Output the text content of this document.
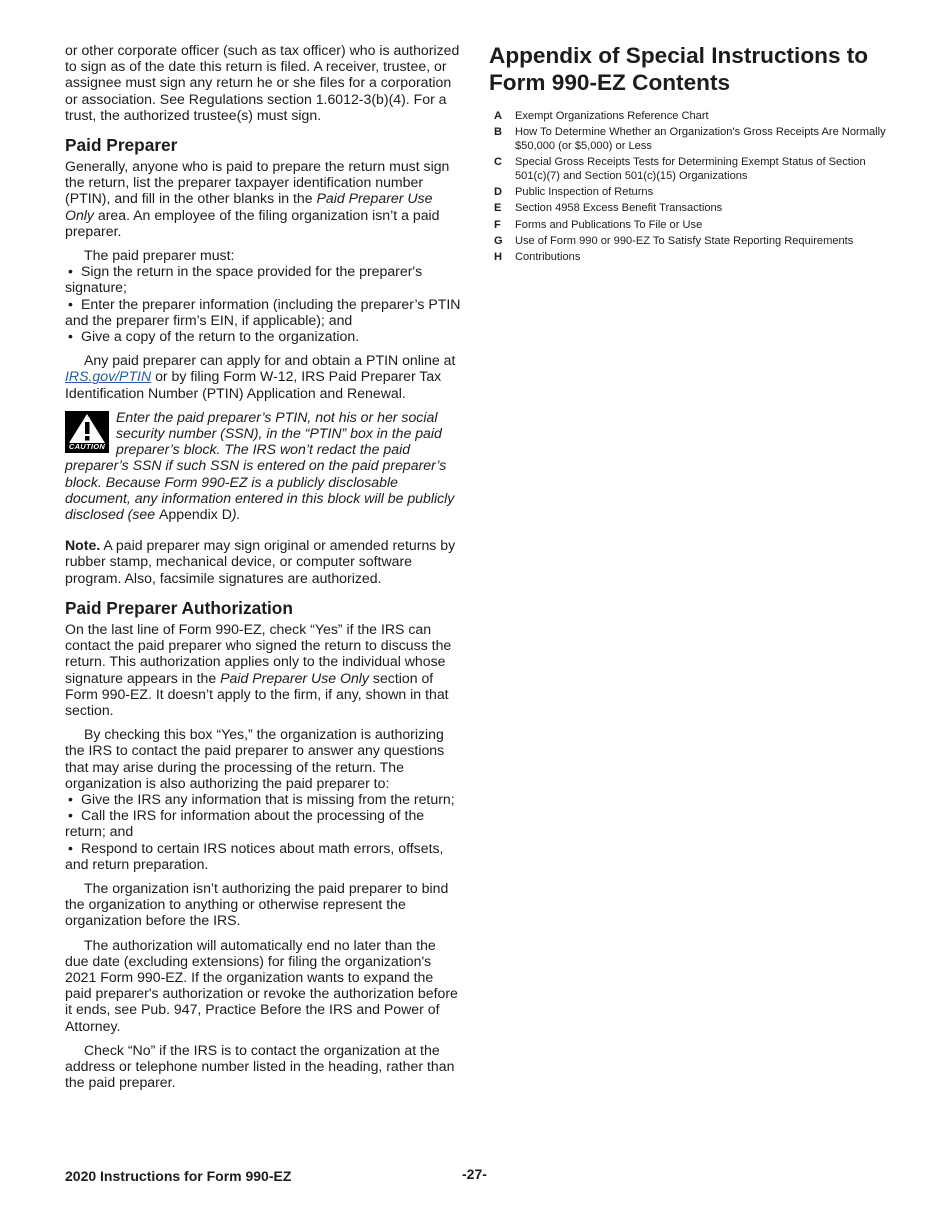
or other corporate officer (such as tax officer) who is authorized to sign as of the date this return is filed. A receiver, trustee, or assignee must sign any return he or she files for a corporation or association. See Regulations section 1.6012-3(b)(4). For a trust, the authorized trustee(s) must sign.

Paid Preparer

Generally, anyone who is paid to prepare the return must sign the return, list the preparer taxpayer identification number (PTIN), and fill in the other blanks in the Paid Preparer Use Only area. An employee of the filing organization isn’t a paid preparer.

The paid preparer must:

• Sign the return in the space provided for the preparer's signature;

• Enter the preparer information (including the preparer’s PTIN and the preparer firm’s EIN, if applicable); and

• Give a copy of the return to the organization.

Any paid preparer can apply for and obtain a PTIN online at IRS.gov/PTIN or by filing Form W-12, IRS Paid Preparer Tax Identification Number (PTIN) Application and Renewal.

CAUTION
Enter the paid preparer’s PTIN, not his or her social security number (SSN), in the “PTIN” box in the paid preparer’s block. The IRS won’t redact the paid preparer’s SSN if such SSN is entered on the paid preparer’s block. Because Form 990-EZ is a publicly disclosable document, any information entered in this block will be publicly disclosed (see Appendix D).

Note. A paid preparer may sign original or amended returns by rubber stamp, mechanical device, or computer software program. Also, facsimile signatures are authorized.

Paid Preparer Authorization

On the last line of Form 990-EZ, check “Yes” if the IRS can contact the paid preparer who signed the return to discuss the return. This authorization applies only to the individual whose signature appears in the Paid Preparer Use Only section of Form 990-EZ. It doesn’t apply to the firm, if any, shown in that section.

By checking this box “Yes,” the organization is authorizing the IRS to contact the paid preparer to answer any questions that may arise during the processing of the return. The organization is also authorizing the paid preparer to:

• Give the IRS any information that is missing from the return;

• Call the IRS for information about the processing of the return; and

• Respond to certain IRS notices about math errors, offsets, and return preparation.

The organization isn’t authorizing the paid preparer to bind the organization to anything or otherwise represent the organization before the IRS.

The authorization will automatically end no later than the due date (excluding extensions) for filing the organization's 2021 Form 990-EZ. If the organization wants to expand the paid preparer's authorization or revoke the authorization before it ends, see Pub. 947, Practice Before the IRS and Power of Attorney.

Check “No” if the IRS is to contact the organization at the address or telephone number listed in the heading, rather than the paid preparer.

Appendix of Special Instructions to Form 990-EZ Contents
A Exempt Organizations Reference Chart
B How To Determine Whether an Organization's Gross Receipts Are Normally $50,000 (or $5,000) or Less
C Special Gross Receipts Tests for Determining Exempt Status of Section 501(c)(7) and Section 501(c)(15) Organizations
D Public Inspection of Returns
E Section 4958 Excess Benefit Transactions
F Forms and Publications To File or Use
G Use of Form 990 or 990-EZ To Satisfy State Reporting Requirements
H Contributions
2020 Instructions for Form 990-EZ	-27-
